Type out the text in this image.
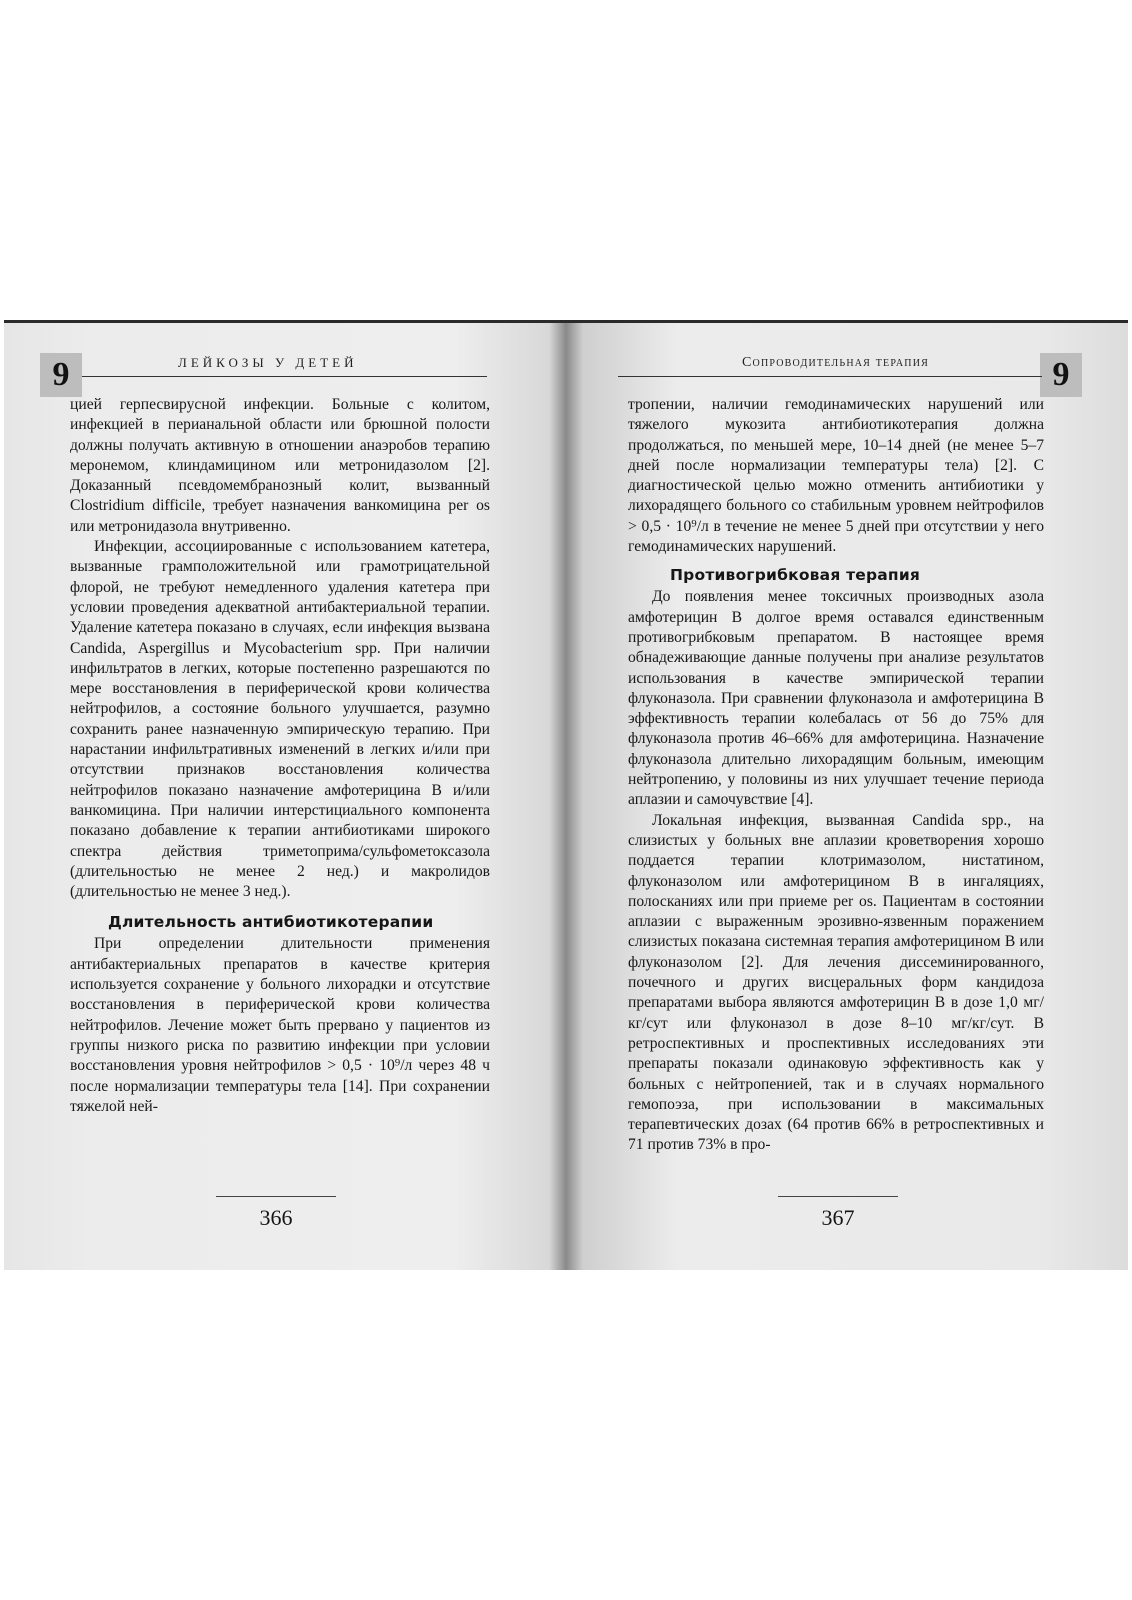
9	ЛЕЙКОЗЫ У ДЕТЕЙ

цией герпесвирусной инфекции. Больные с колитом, инфекцией в перианальной области или брюшной полости должны получать активную в отношении анаэробов терапию меронемом, клиндамицином или метронидазолом [2]. Доказанный псевдомембранозный колит, вызванный Clostridium difficile, требует назначения ванкомицина per os или метронидазола внутривенно.

Инфекции, ассоциированные с использованием катетера, вызванные грамположительной или грамотрицательной флорой, не требуют немедленного удаления катетера при условии проведения адекватной антибактериальной терапии. Удаление катетера показано в случаях, если инфекция вызвана Candida, Aspergillus и Mycobacterium spp. При наличии инфильтратов в легких, которые постепенно разрешаются по мере восстановления в периферической крови количества нейтрофилов, а состояние больного улучшается, разумно сохранить ранее назначенную эмпирическую терапию. При нарастании инфильтративных изменений в легких и/или при отсутствии признаков восстановления количества нейтрофилов показано назначение амфотерицина В и/или ванкомицина. При наличии интерстициального компонента показано добавление к терапии антибиотиками широкого спектра действия триметоприма/сульфометоксазола (длительностью не менее 2 нед.) и макролидов (длительностью не менее 3 нед.).

Длительность антибиотикотерапии

При определении длительности применения антибактериальных препаратов в качестве критерия используется сохранение у больного лихорадки и отсутствие восстановления в периферической крови количества нейтрофилов. Лечение может быть прервано у пациентов из группы низкого риска по развитию инфекции при условии восстановления уровня нейтрофилов > 0,5 · 10⁹/л через 48 ч после нормализации температуры тела [14]. При сохранении тяжелой ней-

366
Сопроводительная терапия	9

тропении, наличии гемодинамических нарушений или тяжелого мукозита антибиотикотерапия должна продолжаться, по меньшей мере, 10–14 дней (не менее 5–7 дней после нормализации температуры тела) [2]. С диагностической целью можно отменить антибиотики у лихорадящего больного со стабильным уровнем нейтрофилов > 0,5 · 10⁹/л в течение не менее 5 дней при отсутствии у него гемодинамических нарушений.

Противогрибковая терапия

До появления менее токсичных производных азола амфотерицин В долгое время оставался единственным противогрибковым препаратом. В настоящее время обнадеживающие данные получены при анализе результатов использования в качестве эмпирической терапии флуконазола. При сравнении флуконазола и амфотерицина В эффективность терапии колебалась от 56 до 75% для флуконазола против 46–66% для амфотерицина. Назначение флуконазола длительно лихорадящим больным, имеющим нейтропению, у половины из них улучшает течение периода аплазии и самочувствие [4].

Локальная инфекция, вызванная Candida spp., на слизистых у больных вне аплазии кроветворения хорошо поддается терапии клотримазолом, нистатином, флуконазолом или амфотерицином В в ингаляциях, полосканиях или при приеме per os. Пациентам в состоянии аплазии с выраженным эрозивно-язвенным поражением слизистых показана системная терапия амфотерицином В или флуконазолом [2]. Для лечения диссеминированного, почечного и других висцеральных форм кандидоза препаратами выбора являются амфотерицин В в дозе 1,0 мг/кг/сут или флуконазол в дозе 8–10 мг/кг/сут. В ретроспективных и проспективных исследованиях эти препараты показали одинаковую эффективность как у больных с нейтропенией, так и в случаях нормального гемопоэза, при использовании в максимальных терапевтических дозах (64 против 66% в ретроспективных и 71 против 73% в про-

367
